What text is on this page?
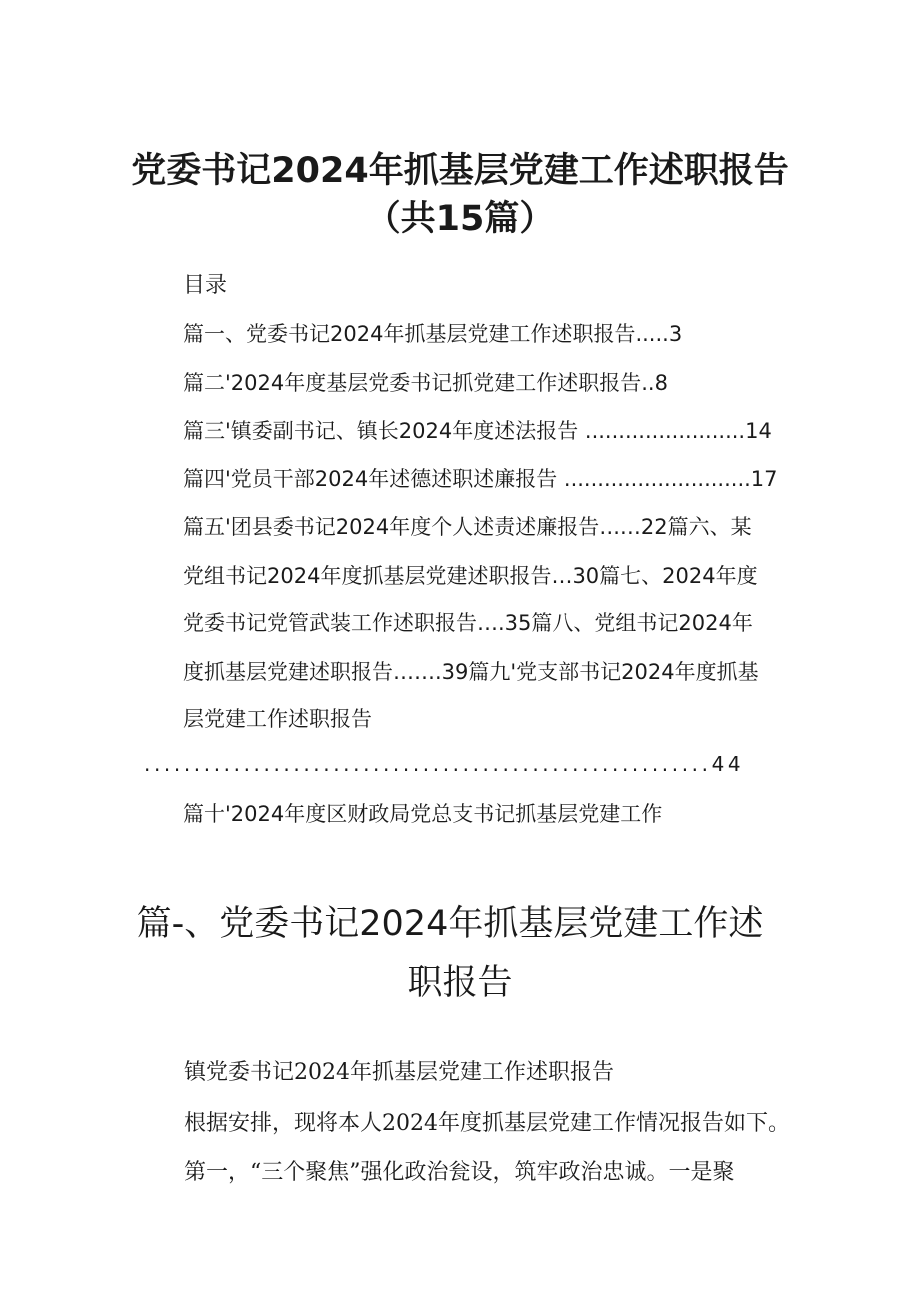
党委书记2024年抓基层党建工作述职报告

（共15篇）

目录

篇一、党委书记2024年抓基层党建工作述职报告.....3

篇二'2024年度基层党委书记抓党建工作述职报告..8

篇三'镇委副书记、镇长2024年度述法报告 ........................14

篇四'党员干部2024年述德述职述廉报告 ............................17

篇五'团县委书记2024年度个人述责述廉报告‥.…22篇六、某

党组书记2024年度抓基层党建述职报告…30篇七、2024年度

党委书记党管武装工作述职报告….35篇八、党组书记2024年

度抓基层党建述职报告…….39篇九'党支部书记2024年度抓基

层党建工作述职报告

.........................................................44

篇十'2024年度区财政局党总支书记抓基层党建工作

篇-、党委书记2024年抓基层党建工作述

职报告

镇党委书记2024年抓基层党建工作述职报告

根据安排，现将本人2024年度抓基层党建工作情况报告如下。

第一，“三个聚焦”强化政治瓮设，筑牢政治忠诚。一是聚
